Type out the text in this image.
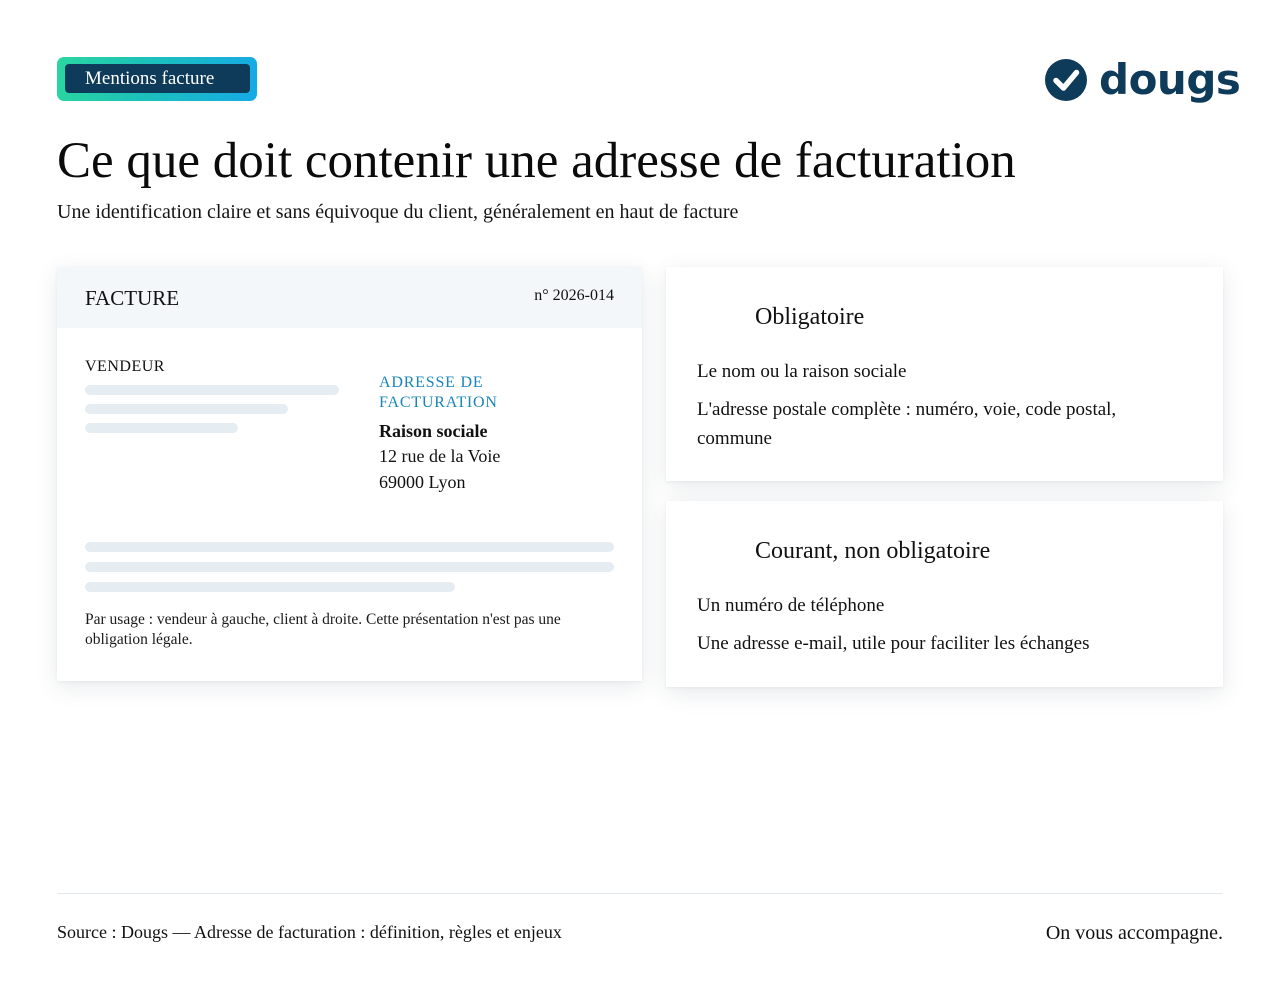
Mentions facture	dougs
Ce que doit contenir une adresse de facturation

Une identification claire et sans équivoque du client, généralement en haut de facture

FACTURE	n° 2026-014
VENDEUR
ADRESSE DE FACTURATION
Raison sociale
12 rue de la Voie
69000 Lyon
Par usage : vendeur à gauche, client à droite. Cette présentation n'est pas une obligation légale.
Obligatoire
Le nom ou la raison sociale
L'adresse postale complète : numéro, voie, code postal, commune
Courant, non obligatoire
Un numéro de téléphone
Une adresse e-mail, utile pour faciliter les échanges
Source : Dougs — Adresse de facturation : définition, règles et enjeux	On vous accompagne.
